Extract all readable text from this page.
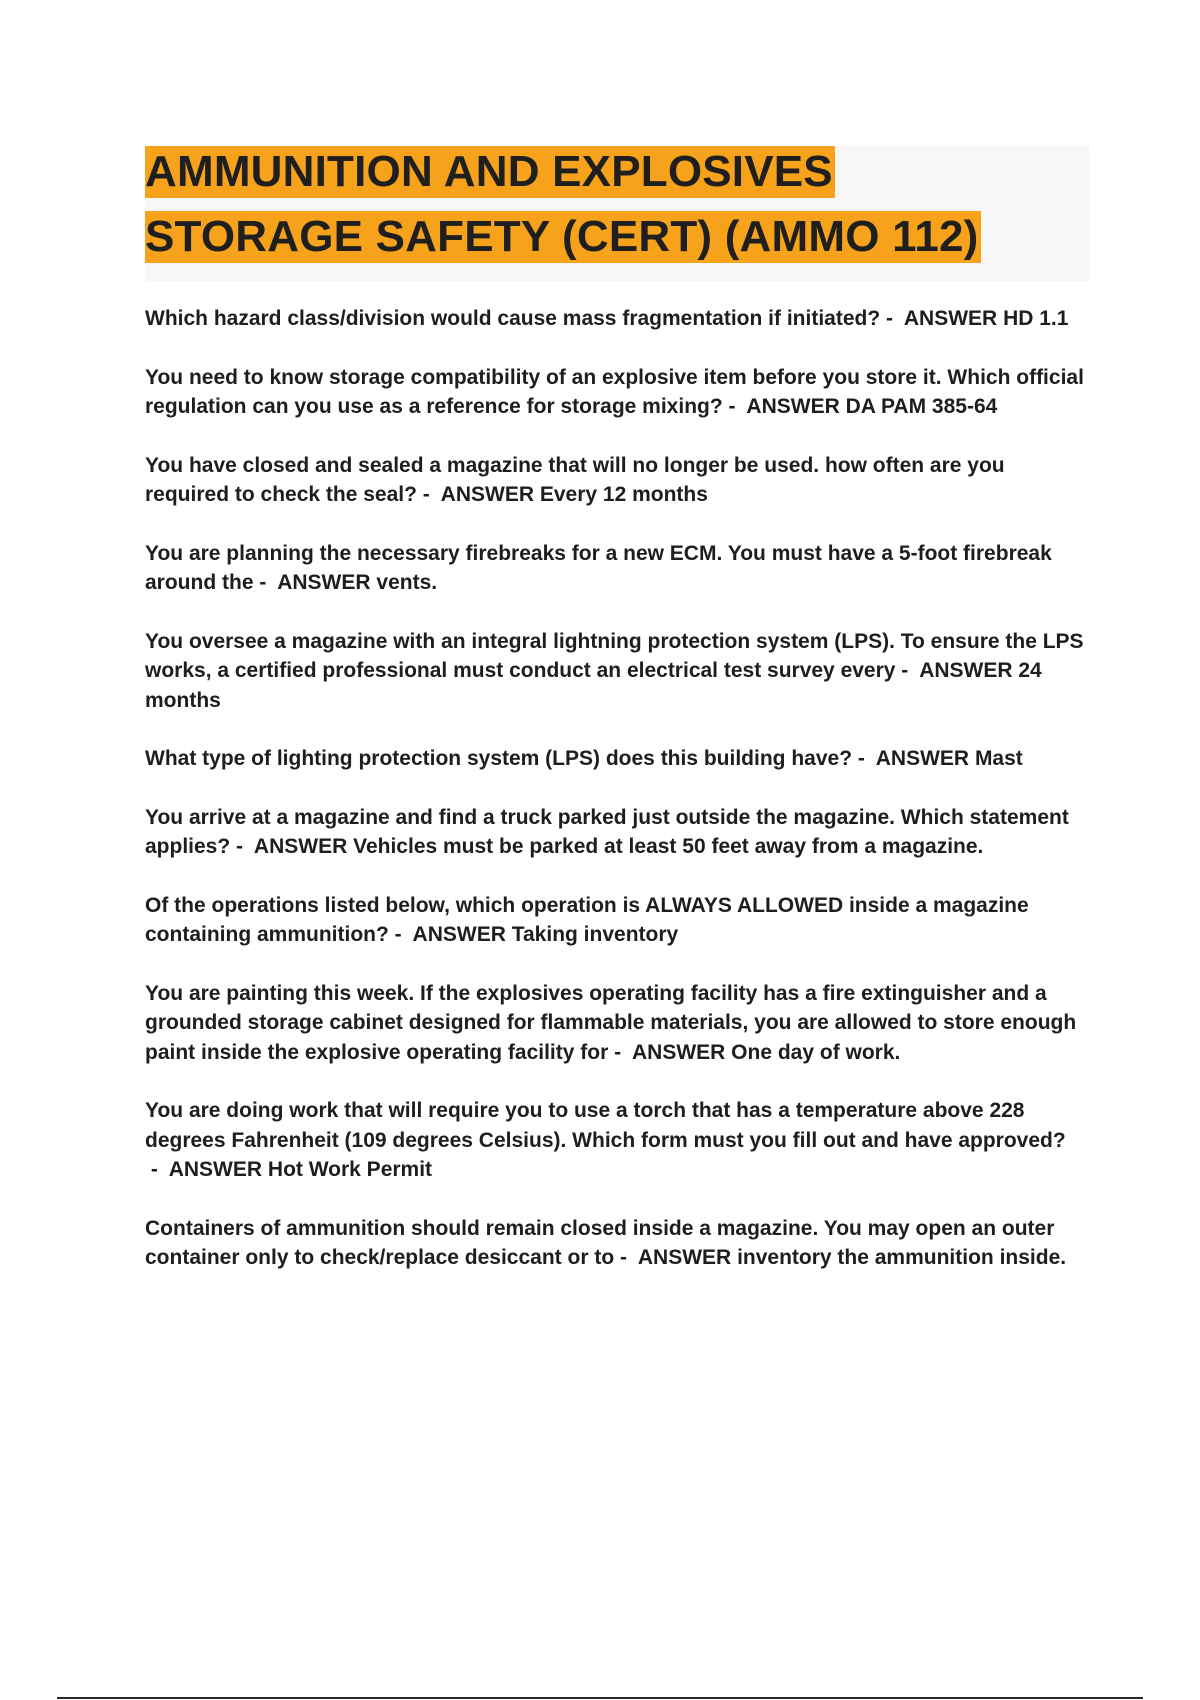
AMMUNITION AND EXPLOSIVES
STORAGE SAFETY (CERT) (AMMO 112)

Which hazard class/division would cause mass fragmentation if initiated? -  ANSWER HD 1.1

You need to know storage compatibility of an explosive item before you store it. Which official regulation can you use as a reference for storage mixing? -  ANSWER DA PAM 385-64

You have closed and sealed a magazine that will no longer be used. how often are you required to check the seal? -  ANSWER Every 12 months

You are planning the necessary firebreaks for a new ECM. You must have a 5-foot firebreak around the -  ANSWER vents.

You oversee a magazine with an integral lightning protection system (LPS). To ensure the LPS works, a certified professional must conduct an electrical test survey every -  ANSWER 24 months

What type of lighting protection system (LPS) does this building have? -  ANSWER Mast

You arrive at a magazine and find a truck parked just outside the magazine. Which statement applies? -  ANSWER Vehicles must be parked at least 50 feet away from a magazine.

Of the operations listed below, which operation is ALWAYS ALLOWED inside a magazine containing ammunition? -  ANSWER Taking inventory

You are painting this week. If the explosives operating facility has a fire extinguisher and a grounded storage cabinet designed for flammable materials, you are allowed to store enough paint inside the explosive operating facility for -  ANSWER One day of work.

You are doing work that will require you to use a torch that has a temperature above 228 degrees Fahrenheit (109 degrees Celsius). Which form must you fill out and have approved? -  ANSWER Hot Work Permit

Containers of ammunition should remain closed inside a magazine. You may open an outer container only to check/replace desiccant or to -  ANSWER inventory the ammunition inside.
